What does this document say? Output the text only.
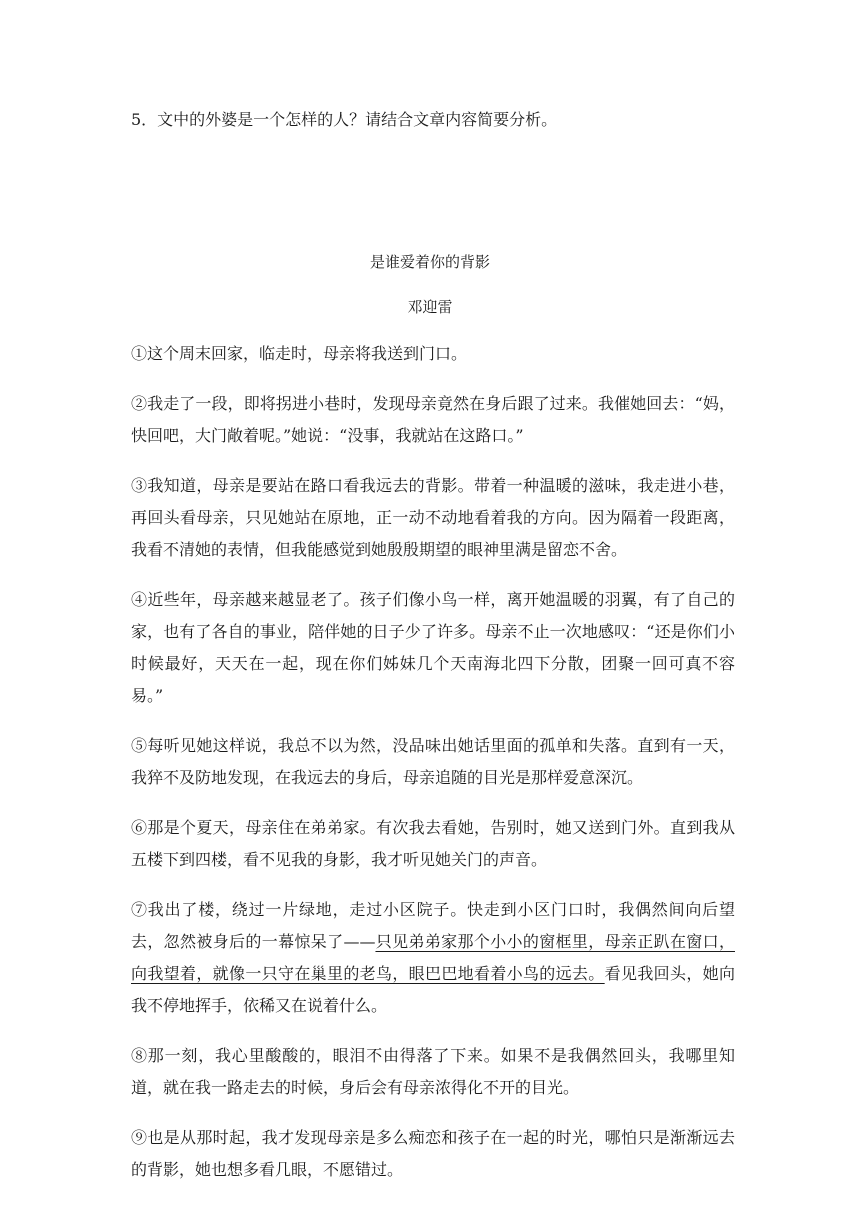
5．文中的外婆是一个怎样的人？请结合文章内容简要分析。
是谁爱着你的背影
邓迎雷

①这个周末回家，临走时，母亲将我送到门口。

②我走了一段，即将拐进小巷时，发现母亲竟然在身后跟了过来。我催她回去：“妈，快回吧，大门敞着呢。”她说：“没事，我就站在这路口。”

③我知道，母亲是要站在路口看我远去的背影。带着一种温暖的滋味，我走进小巷，再回头看母亲，只见她站在原地，正一动不动地看着我的方向。因为隔着一段距离，我看不清她的表情，但我能感觉到她殷殷期望的眼神里满是留恋不舍。

④近些年，母亲越来越显老了。孩子们像小鸟一样，离开她温暖的羽翼，有了自己的家，也有了各自的事业，陪伴她的日子少了许多。母亲不止一次地感叹：“还是你们小时候最好，天天在一起，现在你们姊妹几个天南海北四下分散，团聚一回可真不容易。”

⑤每听见她这样说，我总不以为然，没品味出她话里面的孤单和失落。直到有一天，我猝不及防地发现，在我远去的身后，母亲追随的目光是那样爱意深沉。

⑥那是个夏天，母亲住在弟弟家。有次我去看她，告别时，她又送到门外。直到我从五楼下到四楼，看不见我的身影，我才听见她关门的声音。

⑦我出了楼，绕过一片绿地，走过小区院子。快走到小区门口时，我偶然间向后望去，忽然被身后的一幕惊呆了——只见弟弟家那个小小的窗框里，母亲正趴在窗口，向我望着，就像一只守在巢里的老鸟，眼巴巴地看着小鸟的远去。看见我回头，她向我不停地挥手，依稀又在说着什么。

⑧那一刻，我心里酸酸的，眼泪不由得落了下来。如果不是我偶然回头，我哪里知道，就在我一路走去的时候，身后会有母亲浓得化不开的目光。

⑨也是从那时起，我才发现母亲是多么痴恋和孩子在一起的时光，哪怕只是渐渐远去的背影，她也想多看几眼，不愿错过。
